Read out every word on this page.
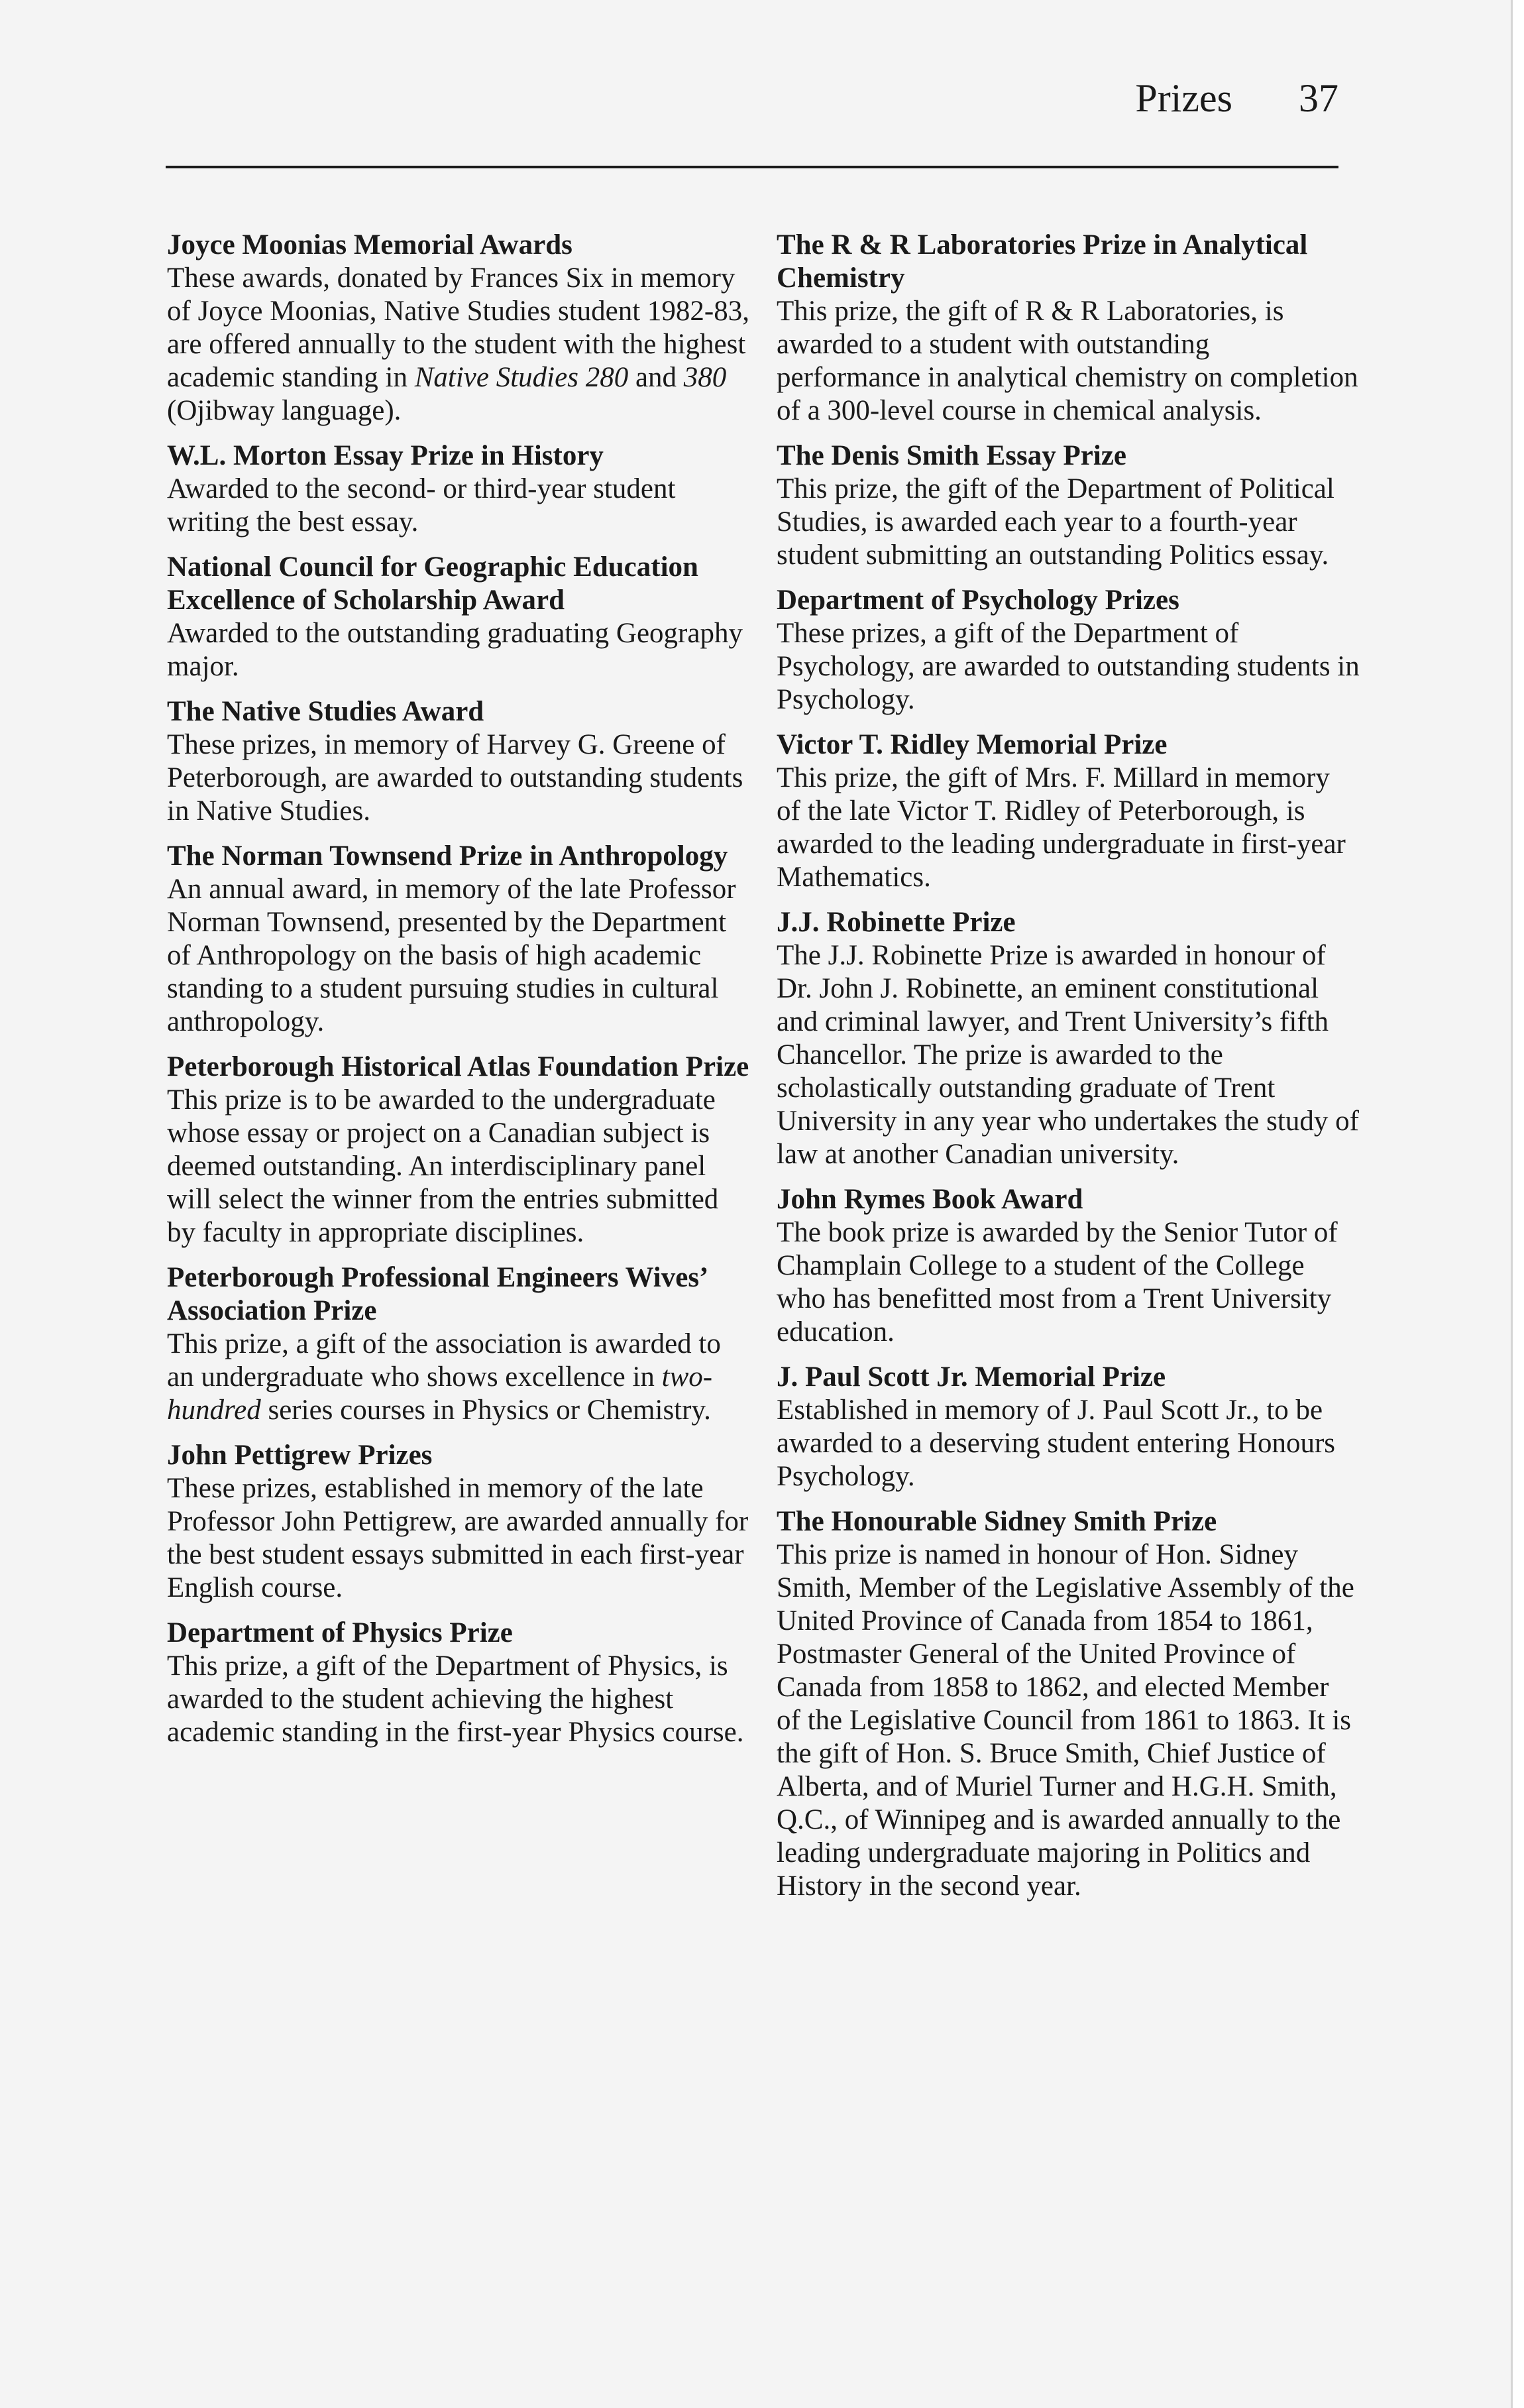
Prizes 37
Joyce Moonias Memorial Awards

These awards, donated by Frances Six in memory of Joyce Moonias, Native Studies student 1982-83, are offered annually to the student with the highest academic standing in Native Studies 280 and 380 (Ojibway language).

W.L. Morton Essay Prize in History

Awarded to the second- or third-year student writing the best essay.

National Council for Geographic Education Excellence of Scholarship Award

Awarded to the outstanding graduating Geography major.

The Native Studies Award

These prizes, in memory of Harvey G. Greene of Peterborough, are awarded to outstanding students in Native Studies.

The Norman Townsend Prize in Anthropology

An annual award, in memory of the late Professor Norman Townsend, presented by the Department of Anthropology on the basis of high academic standing to a student pursuing studies in cultural anthropology.

Peterborough Historical Atlas Foundation Prize

This prize is to be awarded to the undergraduate whose essay or project on a Canadian subject is deemed outstanding. An interdisciplinary panel will select the winner from the entries submitted by faculty in appropriate disciplines.

Peterborough Professional Engineers Wives’ Association Prize

This prize, a gift of the association is awarded to an undergraduate who shows excellence in two-hundred series courses in Physics or Chemistry.

John Pettigrew Prizes

These prizes, established in memory of the late Professor John Pettigrew, are awarded annually for the best student essays submitted in each first-year English course.

Department of Physics Prize

This prize, a gift of the Department of Physics, is awarded to the student achieving the highest academic standing in the first-year Physics course.

The R & R Laboratories Prize in Analytical Chemistry

This prize, the gift of R & R Laboratories, is awarded to a student with outstanding performance in analytical chemistry on completion of a 300-level course in chemical analysis.

The Denis Smith Essay Prize

This prize, the gift of the Department of Political Studies, is awarded each year to a fourth-year student submitting an outstanding Politics essay.

Department of Psychology Prizes

These prizes, a gift of the Department of Psychology, are awarded to outstanding students in Psychology.

Victor T. Ridley Memorial Prize

This prize, the gift of Mrs. F. Millard in memory of the late Victor T. Ridley of Peterborough, is awarded to the leading undergraduate in first-year Mathematics.

J.J. Robinette Prize

The J.J. Robinette Prize is awarded in honour of Dr. John J. Robinette, an eminent constitutional and criminal lawyer, and Trent University’s fifth Chancellor. The prize is awarded to the scholastically outstanding graduate of Trent University in any year who undertakes the study of law at another Canadian university.

John Rymes Book Award

The book prize is awarded by the Senior Tutor of Champlain College to a student of the College who has benefitted most from a Trent University education.

J. Paul Scott Jr. Memorial Prize

Established in memory of J. Paul Scott Jr., to be awarded to a deserving student entering Honours Psychology.

The Honourable Sidney Smith Prize

This prize is named in honour of Hon. Sidney Smith, Member of the Legislative Assembly of the United Province of Canada from 1854 to 1861, Postmaster General of the United Province of Canada from 1858 to 1862, and elected Member of the Legislative Council from 1861 to 1863. It is the gift of Hon. S. Bruce Smith, Chief Justice of Alberta, and of Muriel Turner and H.G.H. Smith, Q.C., of Winnipeg and is awarded annually to the leading undergraduate majoring in Politics and History in the second year.
